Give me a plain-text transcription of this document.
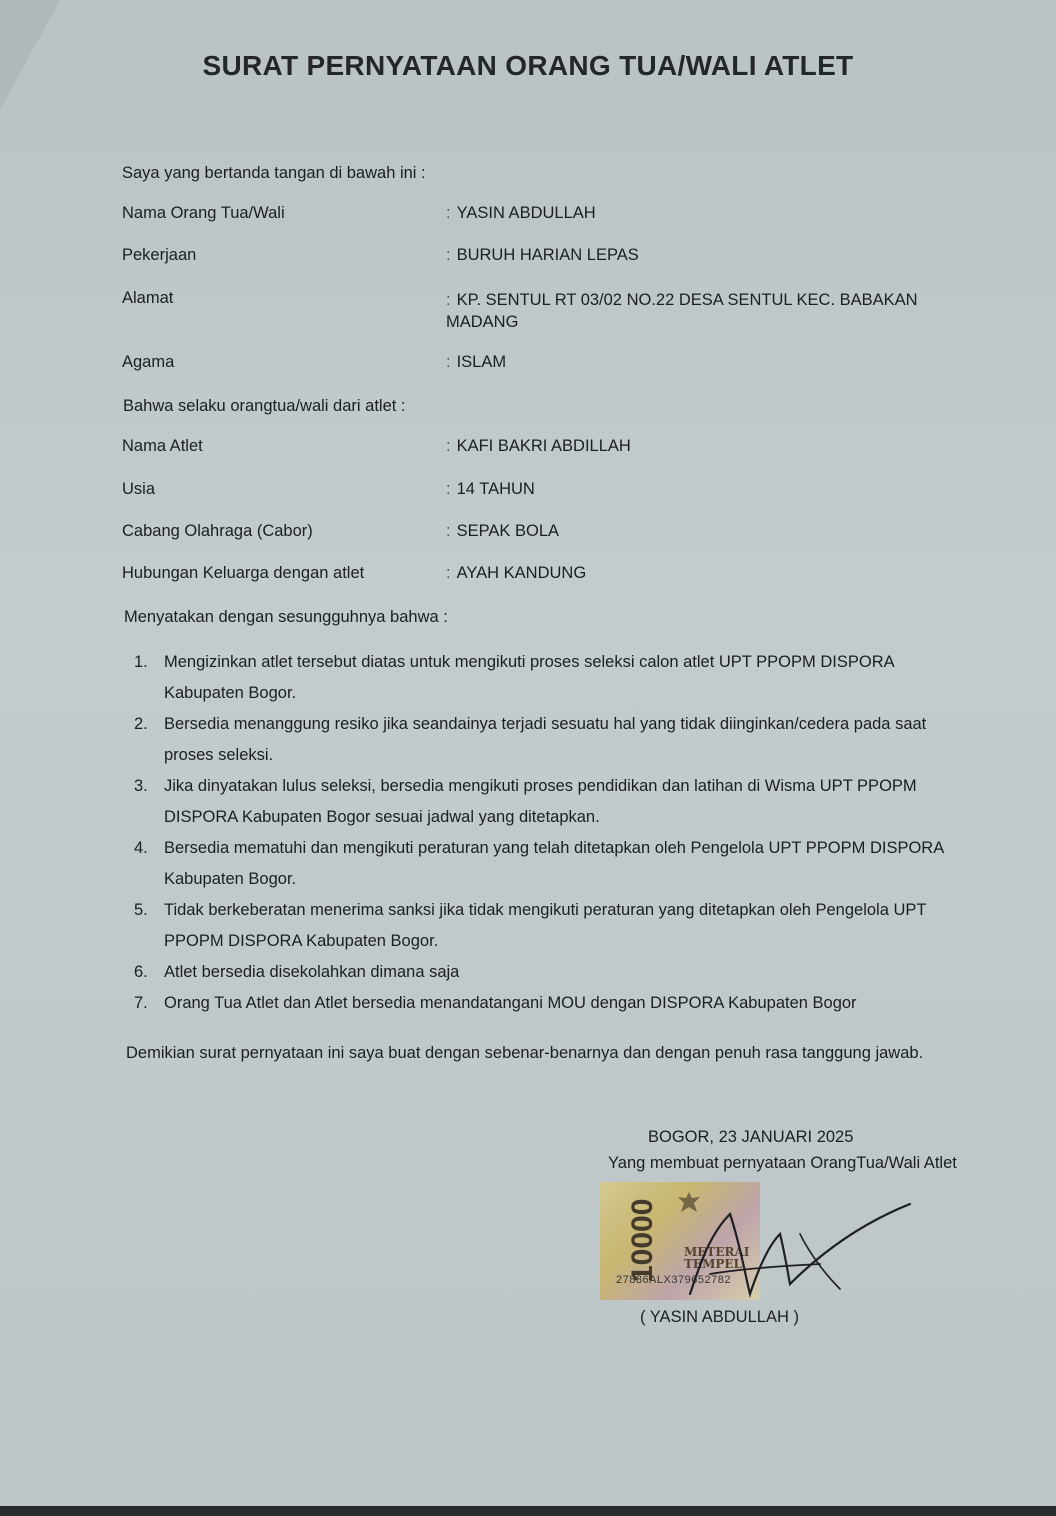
SURAT PERNYATAAN ORANG TUA/WALI ATLET
Saya yang bertanda tangan di bawah ini :
Nama Orang Tua/Wali	: YASIN ABDULLAH
Pekerjaan	: BURUH HARIAN LEPAS
Alamat	: KP. SENTUL RT 03/02 NO.22 DESA SENTUL KEC. BABAKAN MADANG
Agama	: ISLAM
Bahwa selaku orangtua/wali dari atlet :
Nama Atlet	: KAFI BAKRI ABDILLAH
Usia	: 14 TAHUN
Cabang Olahraga (Cabor)	: SEPAK BOLA
Hubungan Keluarga dengan atlet	: AYAH KANDUNG
Menyatakan dengan sesungguhnya bahwa :
1. Mengizinkan atlet tersebut diatas untuk mengikuti proses seleksi calon atlet UPT PPOPM DISPORA Kabupaten Bogor.
2. Bersedia menanggung resiko jika seandainya terjadi sesuatu hal yang tidak diinginkan/cedera pada saat proses seleksi.
3. Jika dinyatakan lulus seleksi, bersedia mengikuti proses pendidikan dan latihan di Wisma UPT PPOPM DISPORA Kabupaten Bogor sesuai jadwal yang ditetapkan.
4. Bersedia mematuhi dan mengikuti peraturan yang telah ditetapkan oleh Pengelola UPT PPOPM DISPORA Kabupaten Bogor.
5. Tidak berkeberatan menerima sanksi jika tidak mengikuti peraturan yang ditetapkan oleh Pengelola UPT PPOPM DISPORA Kabupaten Bogor.
6. Atlet bersedia disekolahkan dimana saja
7. Orang Tua Atlet dan Atlet bersedia menandatangani MOU dengan DISPORA Kabupaten Bogor
Demikian surat pernyataan ini saya buat dengan sebenar-benarnya dan dengan penuh rasa tanggung jawab.
BOGOR, 23 JANUARI 2025
Yang membuat pernyataan OrangTua/Wali Atlet
10000 METERAI TEMPEL
27886ALX379652782
( YASIN ABDULLAH )
